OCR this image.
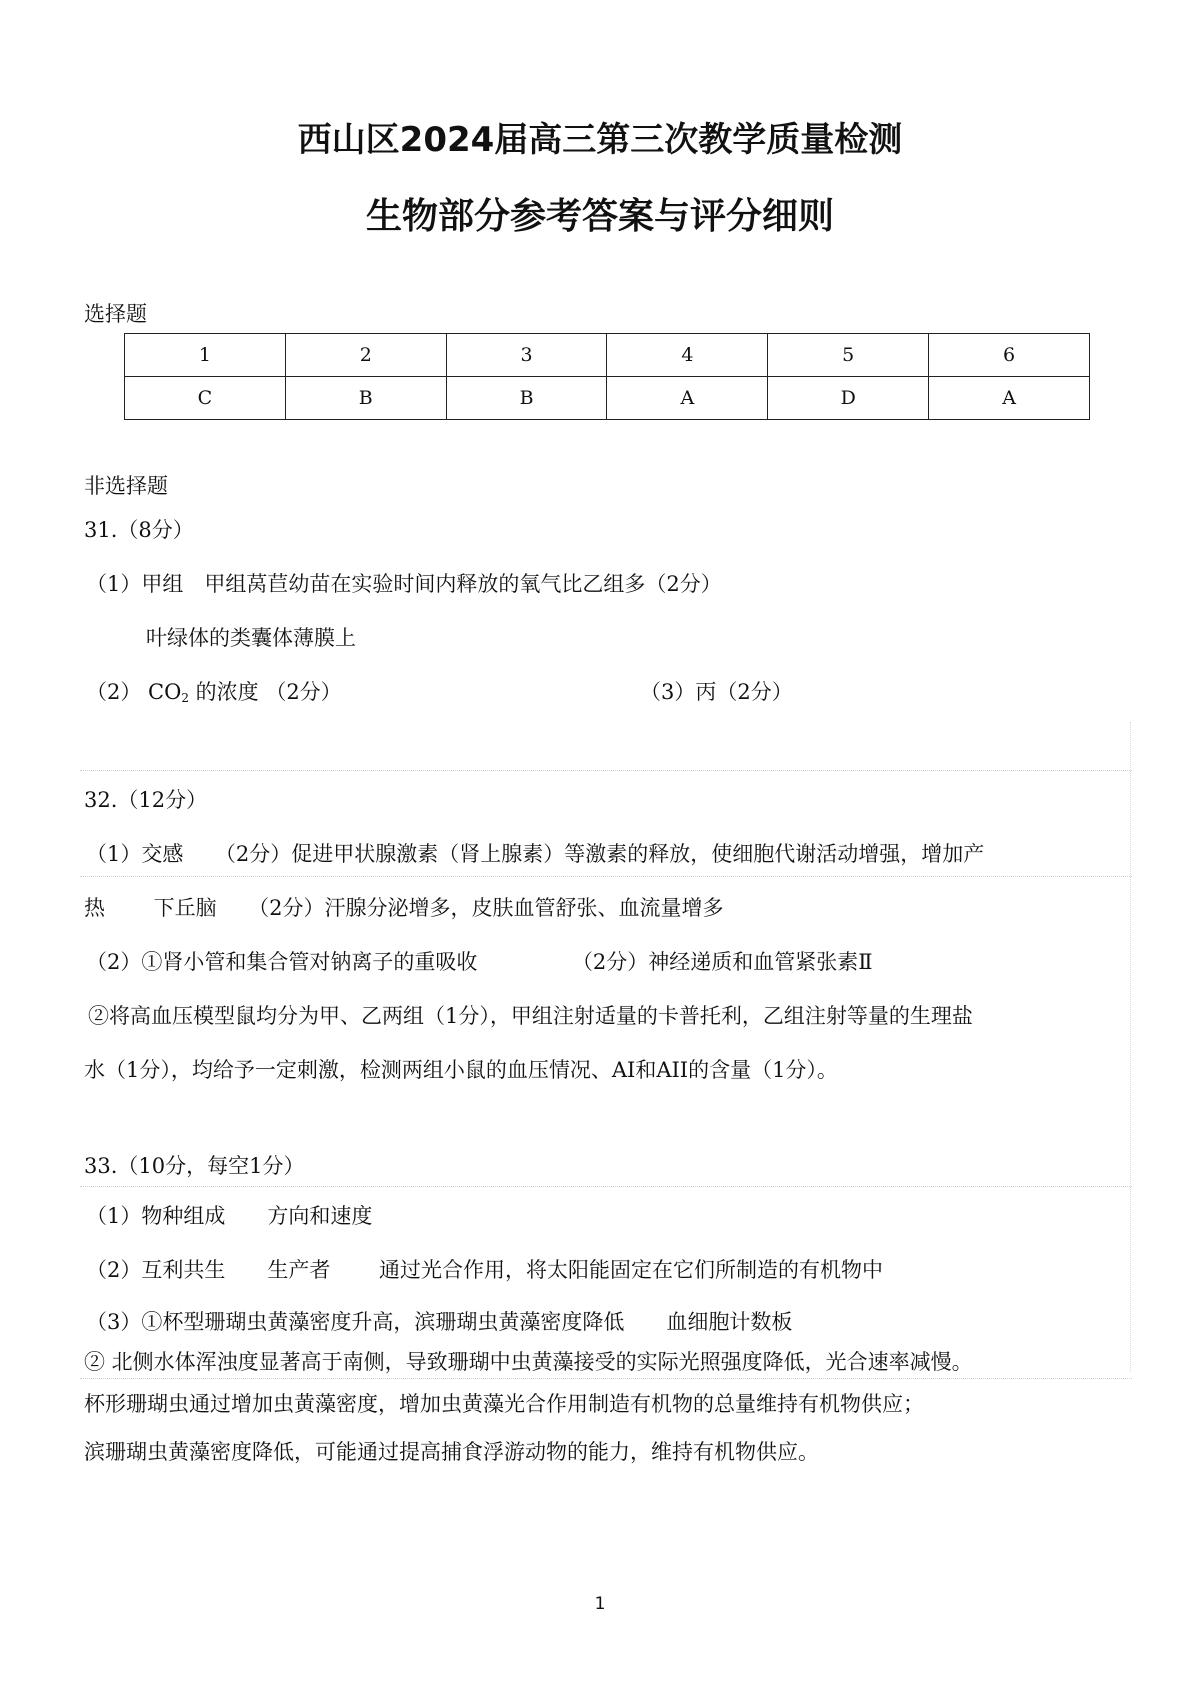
西山区2024届高三第三次教学质量检测
生物部分参考答案与评分细则
选择题
1	2	3	4	5	6
C	B	B	A	D	A
非选择题
31.（8分）
（1）甲组　甲组莴苣幼苗在实验时间内释放的氧气比乙组多（2分）
叶绿体的类囊体薄膜上
（2） $CO_2$ 的浓度 （2分）	（3）丙（2分）
32.（12分）
（1）交感　　（2分）促进甲状腺激素（肾上腺素）等激素的释放，使细胞代谢活动增强，增加产
热　　 下丘脑　　（2分）汗腺分泌增多，皮肤血管舒张、血流量增多
（2）①肾小管和集合管对钠离子的重吸收　　　　　（2分）神经递质和血管紧张素Ⅱ
②将高血压模型鼠均分为甲、乙两组（1分），甲组注射适量的卡普托利，乙组注射等量的生理盐
水（1分），均给予一定刺激，检测两组小鼠的血压情况、AI和AII的含量（1分）。
33.（10分，每空1分）
（1）物种组成　　方向和速度
（2）互利共生　　生产者　　 通过光合作用，将太阳能固定在它们所制造的有机物中
（3）①杯型珊瑚虫黄藻密度升高，滨珊瑚虫黄藻密度降低　　血细胞计数板
② 北侧水体浑浊度显著高于南侧，导致珊瑚中虫黄藻接受的实际光照强度降低，光合速率减慢。
杯形珊瑚虫通过增加虫黄藻密度，增加虫黄藻光合作用制造有机物的总量维持有机物供应；
滨珊瑚虫黄藻密度降低，可能通过提高捕食浮游动物的能力，维持有机物供应。
1
